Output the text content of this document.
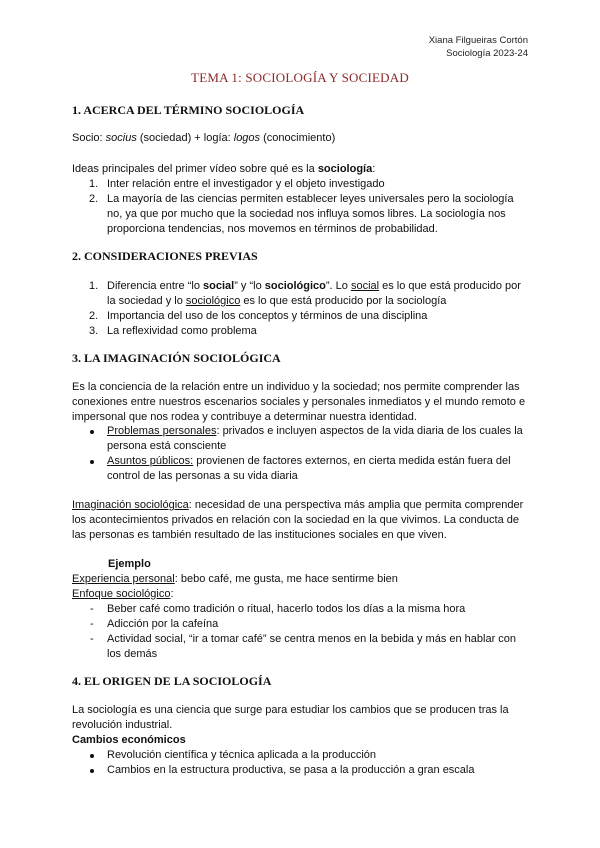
Xiana Filgueiras Cortón
Sociología 2023-24
TEMA 1: SOCIOLOGÍA Y SOCIEDAD
1. ACERCA DEL TÉRMINO SOCIOLOGÍA
Socio: socius (sociedad) + logía: logos (conocimiento)
Ideas principales del primer vídeo sobre qué es la sociología:
1. Inter relación entre el investigador y el objeto investigado
2. La mayoría de las ciencias permiten establecer leyes universales pero la sociología no, ya que por mucho que la sociedad nos influya somos libres. La sociología nos proporciona tendencias, nos movemos en términos de probabilidad.
2. CONSIDERACIONES PREVIAS
1. Diferencia entre “lo social” y “lo sociológico”. Lo social es lo que está producido por la sociedad y lo sociológico es lo que está producido por la sociología
2. Importancia del uso de los conceptos y términos de una disciplina
3. La reflexividad como problema
3. LA IMAGINACIÓN SOCIOLÓGICA
Es la conciencia de la relación entre un individuo y la sociedad; nos permite comprender las conexiones entre nuestros escenarios sociales y personales inmediatos y el mundo remoto e impersonal que nos rodea y contribuye a determinar nuestra identidad.
Problemas personales: privados e incluyen aspectos de la vida diaria de los cuales la persona está consciente
Asuntos públicos: provienen de factores externos, en cierta medida están fuera del control de las personas a su vida diaria
Imaginación sociológica: necesidad de una perspectiva más amplia que permita comprender los acontecimientos privados en relación con la sociedad en la que vivimos. La conducta de las personas es también resultado de las instituciones sociales en que viven.
Ejemplo
Experiencia personal: bebo café, me gusta, me hace sentirme bien
Enfoque sociológico:
- Beber café como tradición o ritual, hacerlo todos los días a la misma hora
- Adicción por la cafeína
- Actividad social, “ir a tomar café” se centra menos en la bebida y más en hablar con los demás
4. EL ORIGEN DE LA SOCIOLOGÍA
La sociología es una ciencia que surge para estudiar los cambios que se producen tras la revolución industrial.
Cambios económicos
Revolución científica y técnica aplicada a la producción
Cambios en la estructura productiva, se pasa a la producción a gran escala
